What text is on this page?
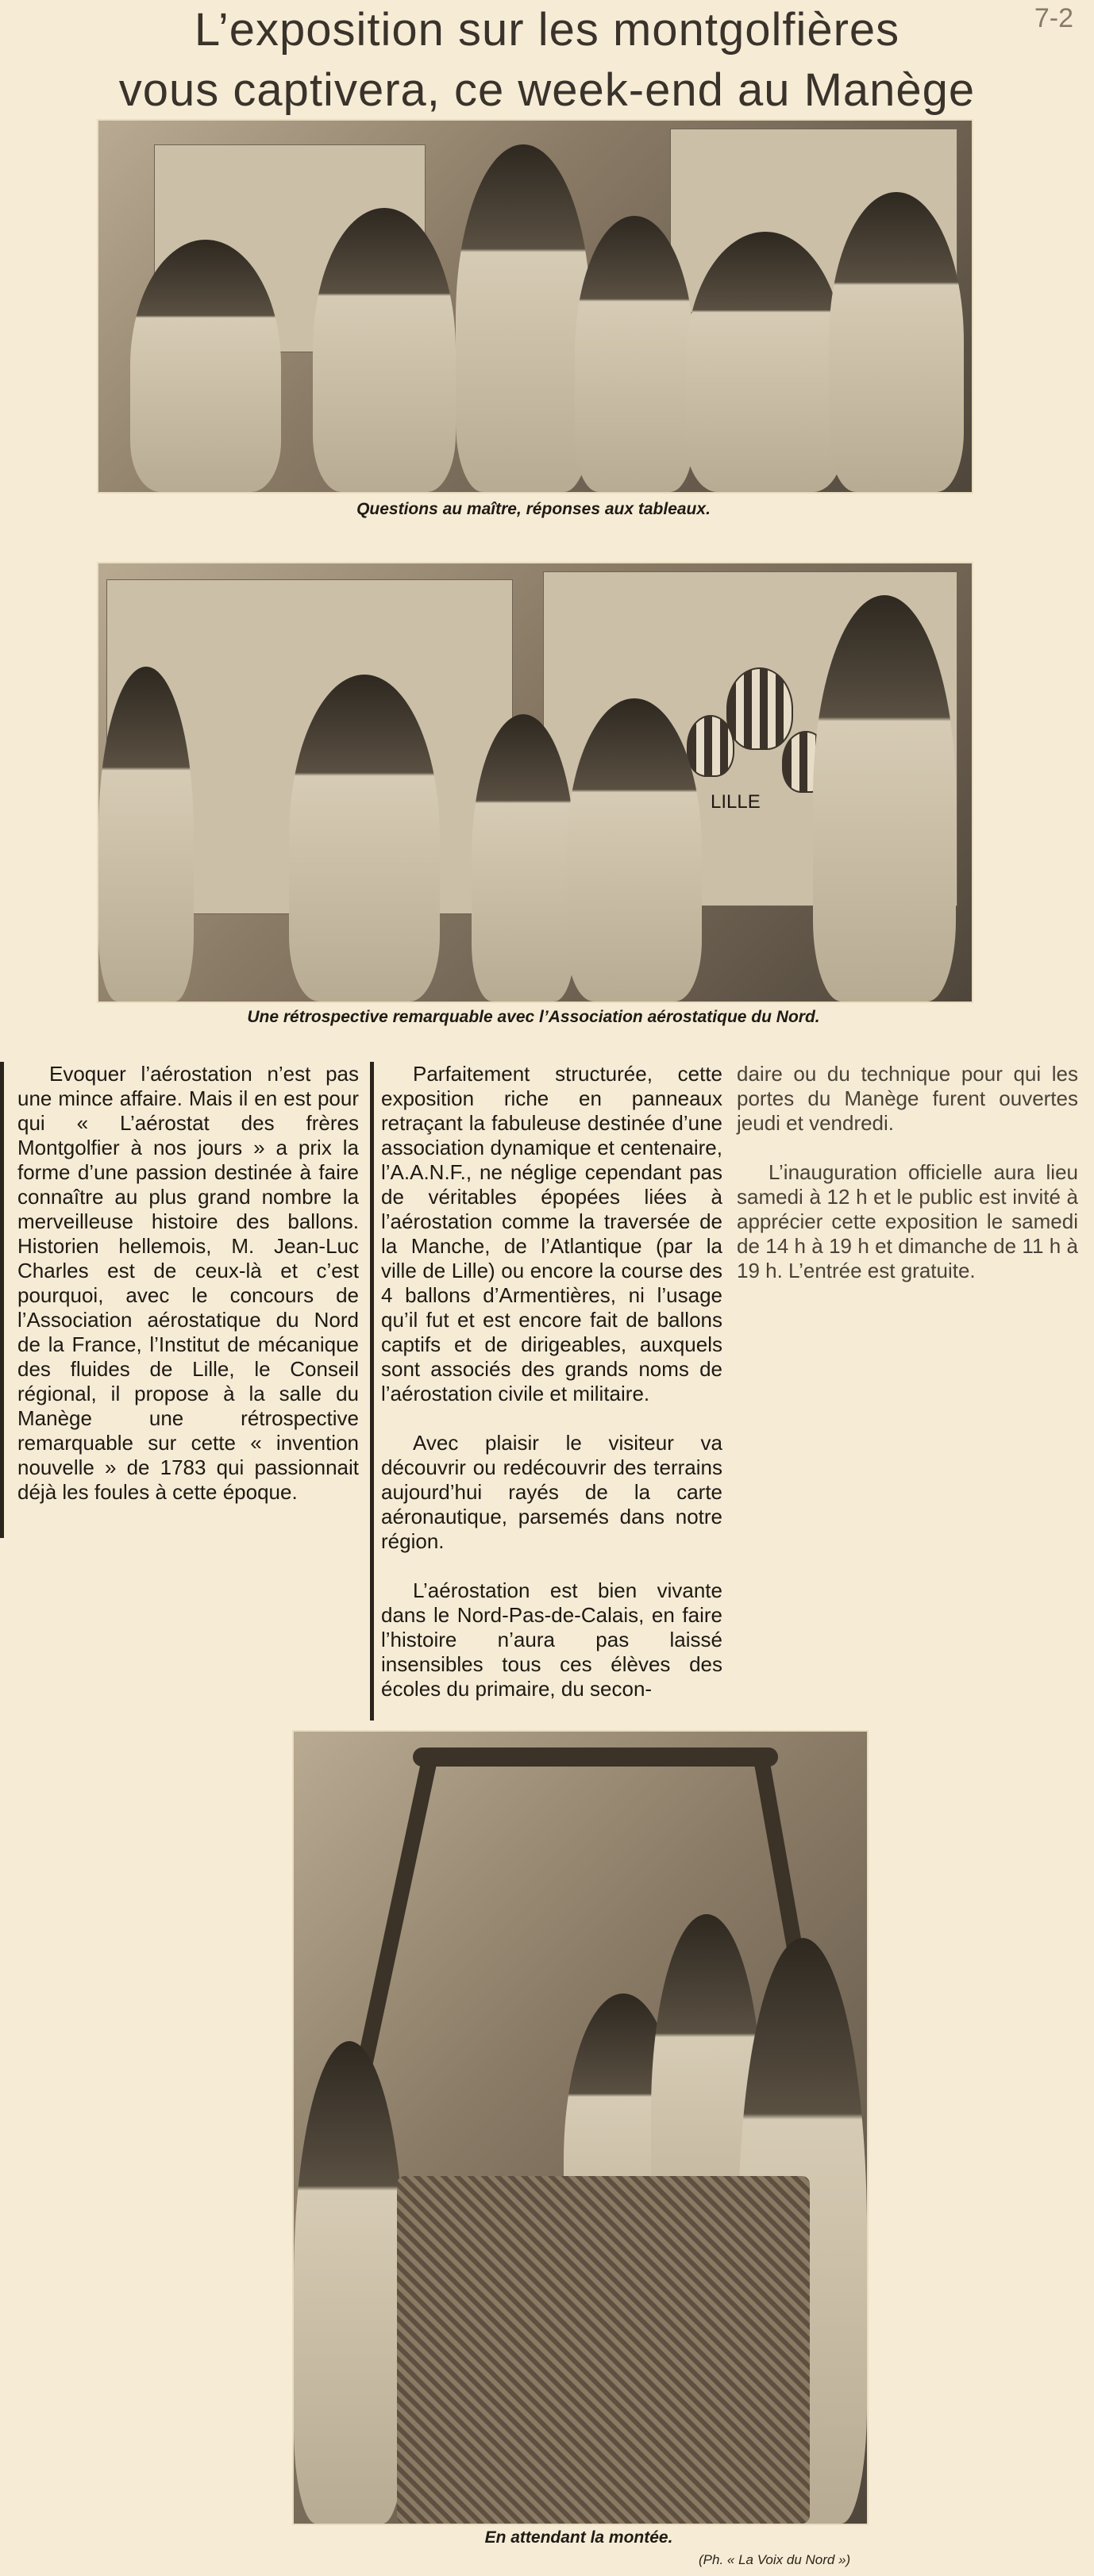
7-2
L’exposition sur les montgolfières
vous captivera, ce week-end au Manège
Questions au maître, réponses aux tableaux.
LILLE
Une rétrospective remarquable avec l’Association aérostatique du Nord.

Evoquer l’aérostation n’est pas une mince affaire. Mais il en est pour qui « L’aérostat des frères Montgolfier à nos jours » a prix la forme d’une passion destinée à faire connaître au plus grand nombre la merveilleuse histoire des ballons. Historien hellemois, M. Jean-Luc Charles est de ceux-là et c’est pourquoi, avec le concours de l’Association aérostatique du Nord de la France, l’Institut de mécanique des fluides de Lille, le Conseil régional, il propose à la salle du Manège une rétrospective remarquable sur cette « invention nouvelle » de 1783 qui passionnait déjà les foules à cette époque.

Parfaitement structurée, cette exposition riche en panneaux retraçant la fabuleuse destinée d’une association dynamique et centenaire, l’A.A.N.F., ne néglige cependant pas de véritables épopées liées à l’aérostation comme la traversée de la Manche, de l’Atlantique (par la ville de Lille) ou encore la course des 4 ballons d’Armentières, ni l’usage qu’il fut et est encore fait de ballons captifs et de dirigeables, auxquels sont associés des grands noms de l’aérostation civile et militaire.

Avec plaisir le visiteur va découvrir ou redécouvrir des terrains aujourd’hui rayés de la carte aéronautique, parsemés dans notre région.

L’aérostation est bien vivante dans le Nord-Pas-de-Calais, en faire l’histoire n’aura pas laissé insensibles tous ces élèves des écoles du primaire, du secon-

daire ou du technique pour qui les portes du Manège furent ouvertes jeudi et vendredi.

L’inauguration officielle aura lieu samedi à 12 h et le public est invité à apprécier cette exposition le samedi de 14 h à 19 h et dimanche de 11 h à 19 h. L’entrée est gratuite.

En attendant la montée.
(Ph. « La Voix du Nord »)
